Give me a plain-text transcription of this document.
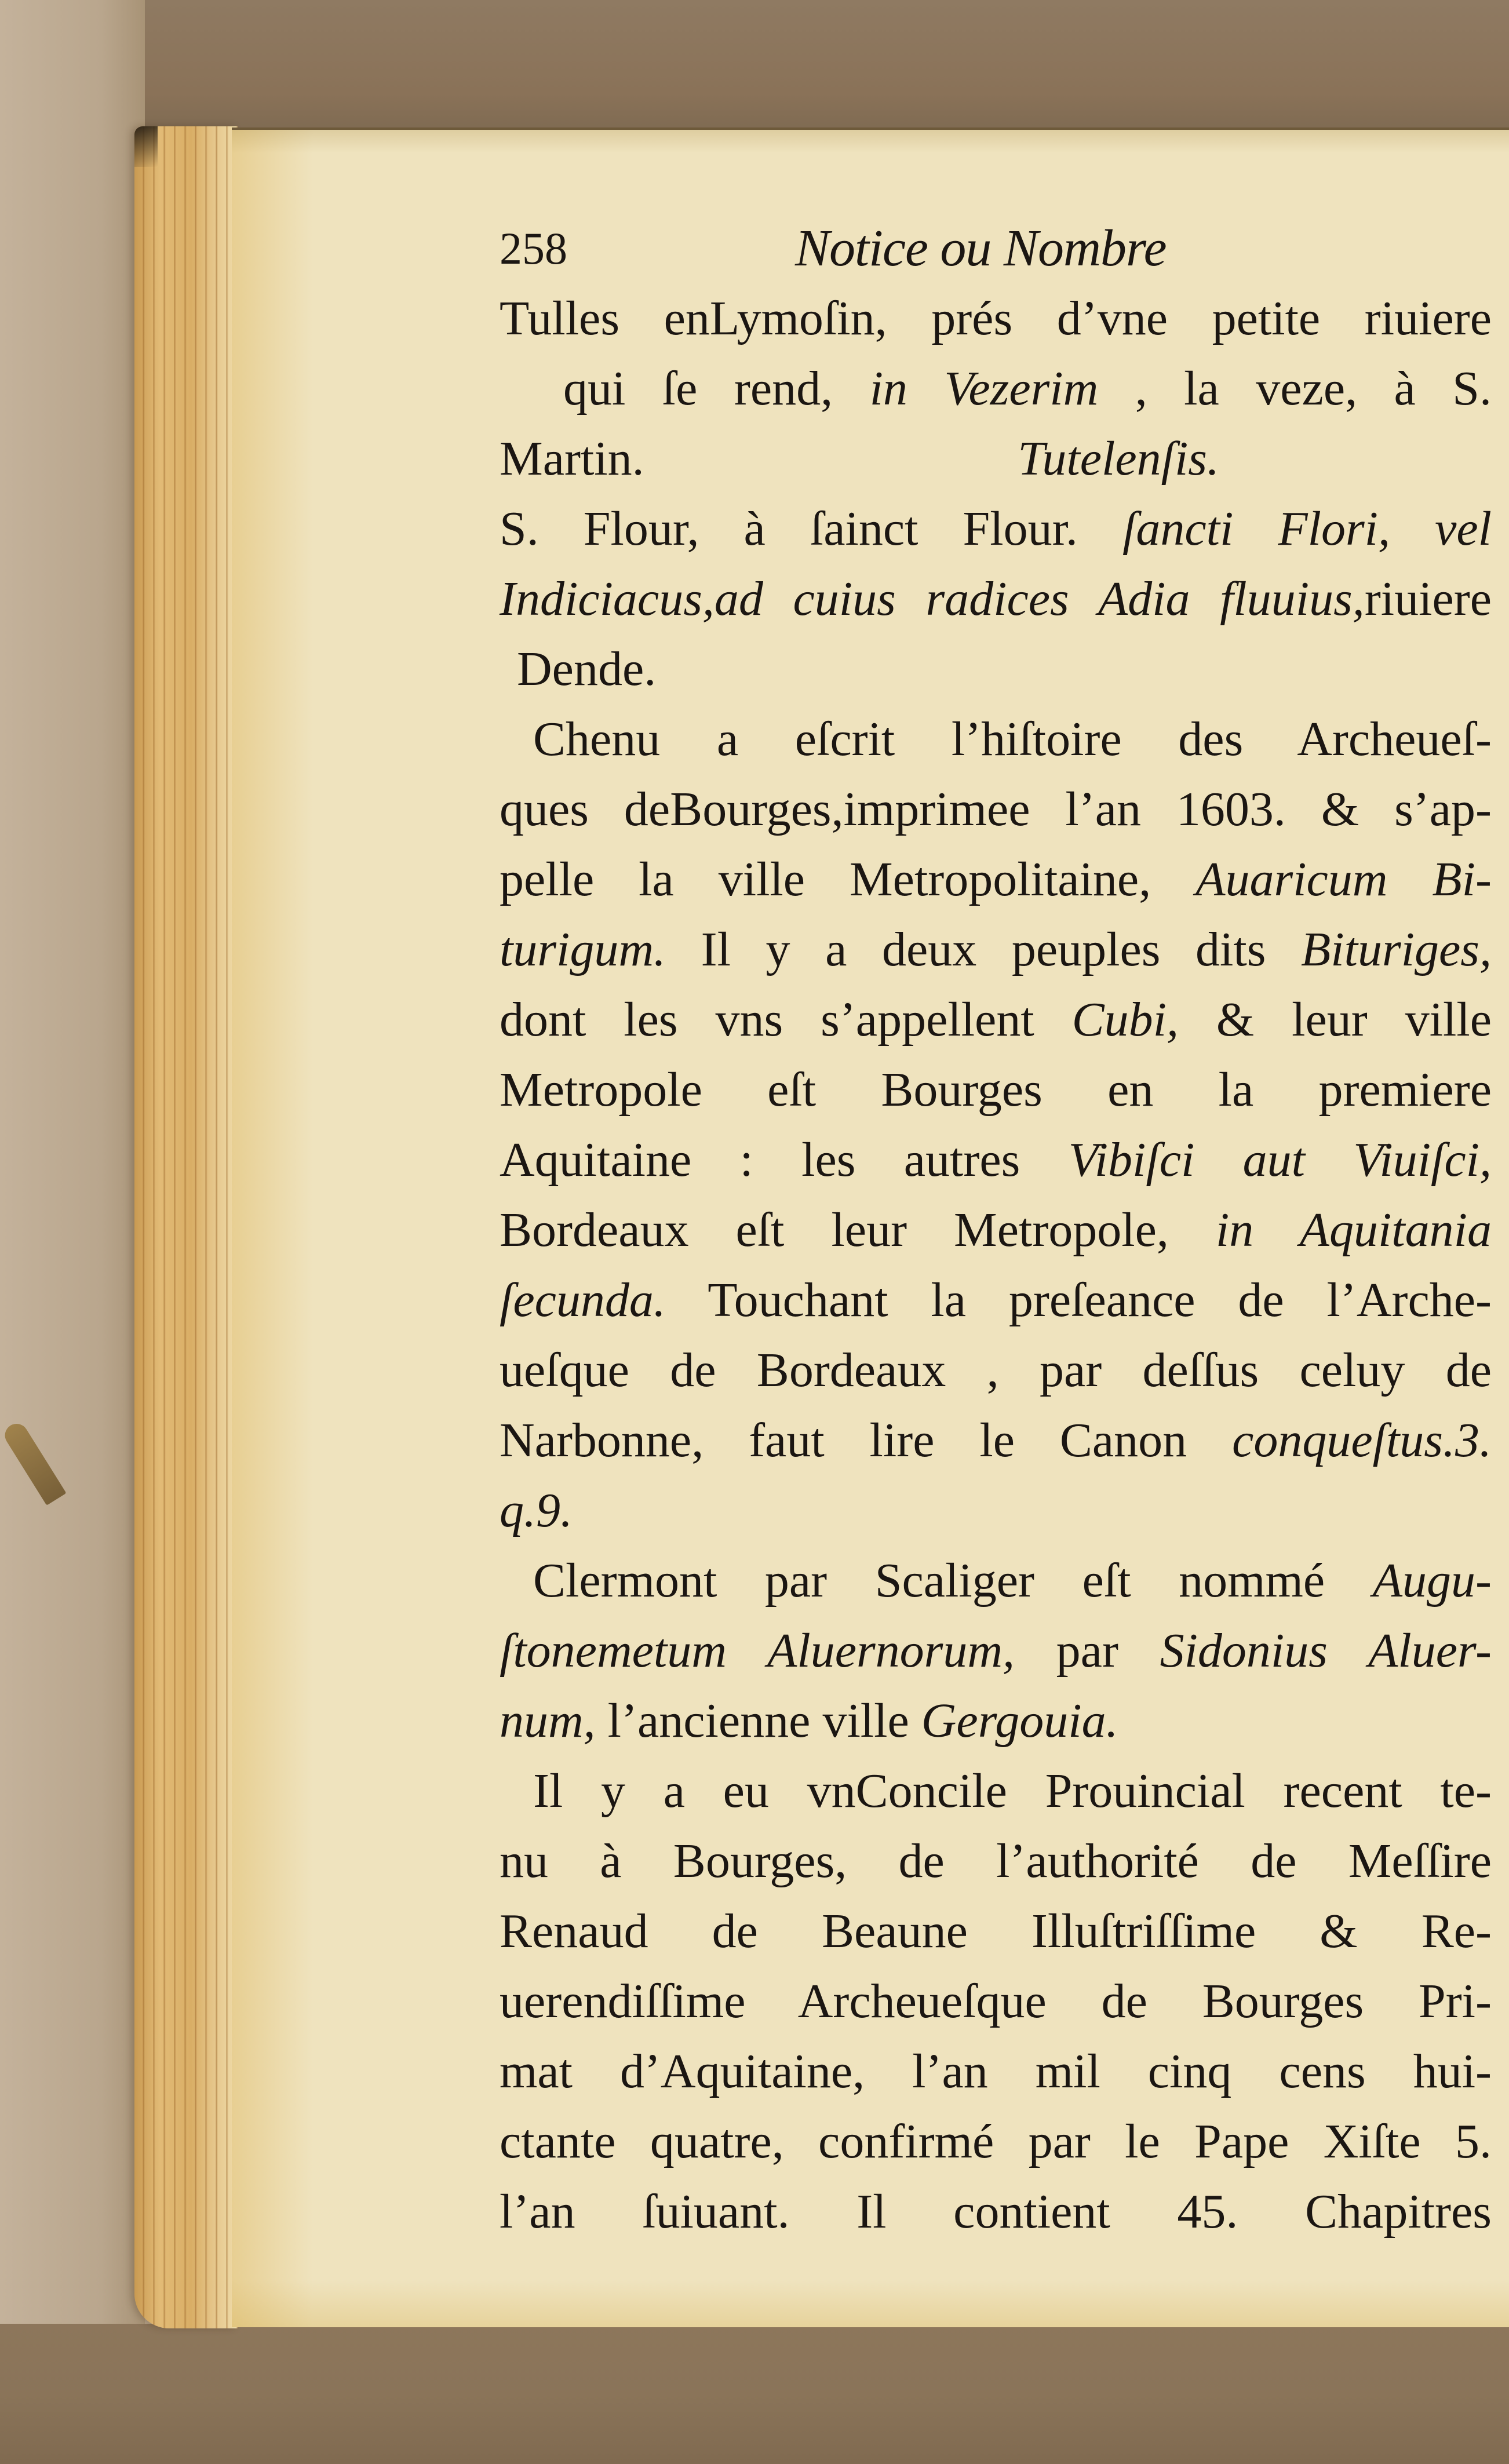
258	Notice ou Nombre
Tulles enLymoſin, prés d’vne petite riuiere
qui ſe rend, in Vezerim , la veze, à S.
Martin.	Tutelenſis.
S. Flour, à ſainct Flour. ſancti Flori, vel
Indiciacus,ad cuius radices Adia fluuius,riuiere
Dende.
Chenu a eſcrit l’hiſtoire des Archeueſ-
ques deBourges,imprimee l’an 1603. & s’ap-
pelle la ville Metropolitaine, Auaricum Bi-
turigum. Il y a deux peuples dits Bituriges,
dont les vns s’appellent Cubi, & leur ville
Metropole eſt Bourges en la premiere
Aquitaine : les autres Vibiſci aut Viuiſci,
Bordeaux eſt leur Metropole, in Aquitania
ſecunda. Touchant la preſeance de l’Arche-
ueſque de Bordeaux , par deſſus celuy de
Narbonne, faut lire le Canon conqueſtus.3.
q.9.
Clermont par Scaliger eſt nommé Augu-
ſtonemetum Aluernorum, par Sidonius Aluer-
num, l’ancienne ville Gergouia.
Il y a eu vnConcile Prouincial recent te-
nu à Bourges, de l’authorité de Meſſire
Renaud de Beaune Illuſtriſſime & Re-
uerendiſſime Archeueſque de Bourges Pri-
mat d’Aquitaine, l’an mil cinq cens hui-
ctante quatre, confirmé par le Pape Xiſte 5.
l’an ſuiuant. Il contient 45. Chapitres
